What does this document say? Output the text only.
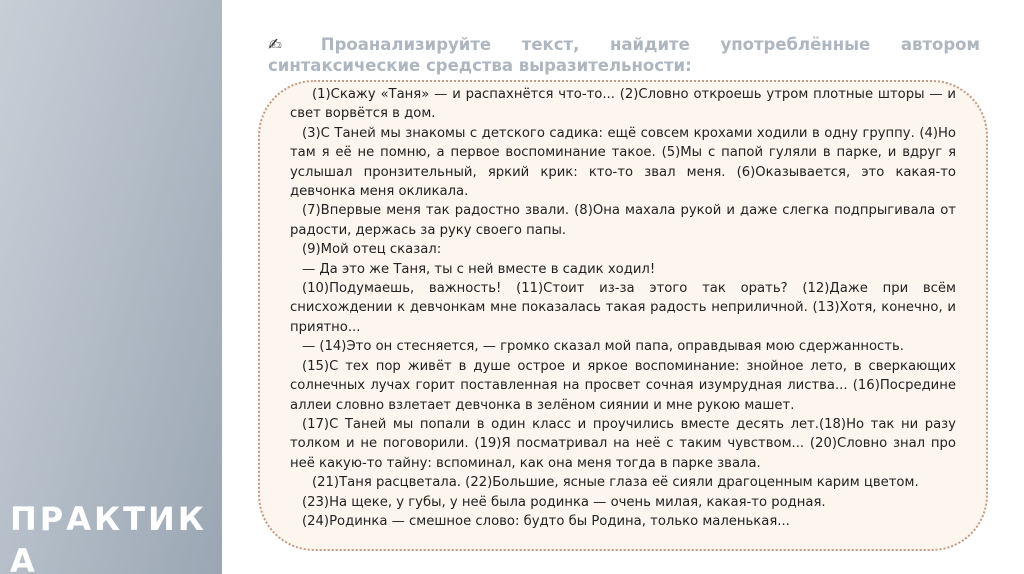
ПРАКТИКА

✍ Проанализируйте текст, найдите употреблённые автором синтаксические средства выразительности:

(1)Скажу «Таня» — и распахнётся что-то... (2)Словно откроешь утром плотные шторы — и свет ворвётся в дом.

(3)С Таней мы знакомы с детского садика: ещё совсем крохами ходили в одну группу. (4)Но там я её не помню, а первое воспоминание такое. (5)Мы с папой гуляли в парке, и вдруг я услышал пронзительный, яркий крик: кто-то звал меня. (6)Оказывается, это какая-то девчонка меня окликала.

(7)Впервые меня так радостно звали. (8)Она махала рукой и даже слегка подпрыгивала от радости, держась за руку своего папы.

(9)Мой отец сказал:

— Да это же Таня, ты с ней вместе в садик ходил!

(10)Подумаешь, важность! (11)Стоит из-за этого так орать? (12)Даже при всём снисхождении к девчонкам мне показалась такая радость неприличной. (13)Хотя, конечно, и приятно...

— (14)Это он стесняется, — громко сказал мой папа, оправдывая мою сдержанность.

(15)С тех пор живёт в душе острое и яркое воспоминание: знойное лето, в сверкающих солнечных лучах горит поставленная на просвет сочная изумрудная листва... (16)Посредине аллеи словно взлетает девчонка в зелёном сиянии и мне рукою машет.

(17)С Таней мы попали в один класс и проучились вместе десять лет.(18)Но так ни разу толком и не поговорили. (19)Я посматривал на неё с таким чувством... (20)Словно знал про неё какую-то тайну: вспоминал, как она меня тогда в парке звала.

(21)Таня расцветала. (22)Большие, ясные глаза её сияли драгоценным карим цветом.

(23)На щеке, у губы, у неё была родинка — очень милая, какая-то родная.

(24)Родинка — смешное слово: будто бы Родина, только маленькая...
